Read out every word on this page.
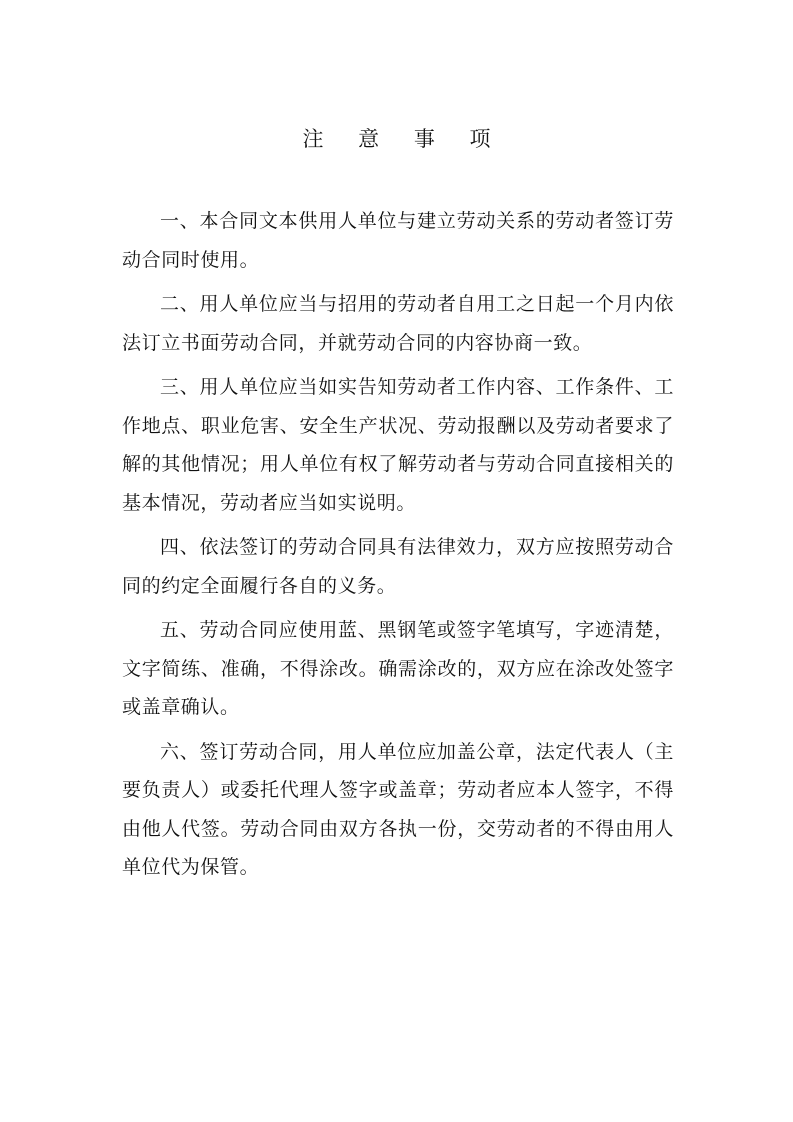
注 意 事 项

一、本合同文本供用人单位与建立劳动关系的劳动者签订劳动合同时使用。

二、用人单位应当与招用的劳动者自用工之日起一个月内依法订立书面劳动合同，并就劳动合同的内容协商一致。

三、用人单位应当如实告知劳动者工作内容、工作条件、工作地点、职业危害、安全生产状况、劳动报酬以及劳动者要求了解的其他情况；用人单位有权了解劳动者与劳动合同直接相关的基本情况，劳动者应当如实说明。

四、依法签订的劳动合同具有法律效力，双方应按照劳动合同的约定全面履行各自的义务。

五、劳动合同应使用蓝、黑钢笔或签字笔填写，字迹清楚，文字简练、准确，不得涂改。确需涂改的，双方应在涂改处签字或盖章确认。

六、签订劳动合同，用人单位应加盖公章，法定代表人（主要负责人）或委托代理人签字或盖章；劳动者应本人签字，不得由他人代签。劳动合同由双方各执一份，交劳动者的不得由用人单位代为保管。
